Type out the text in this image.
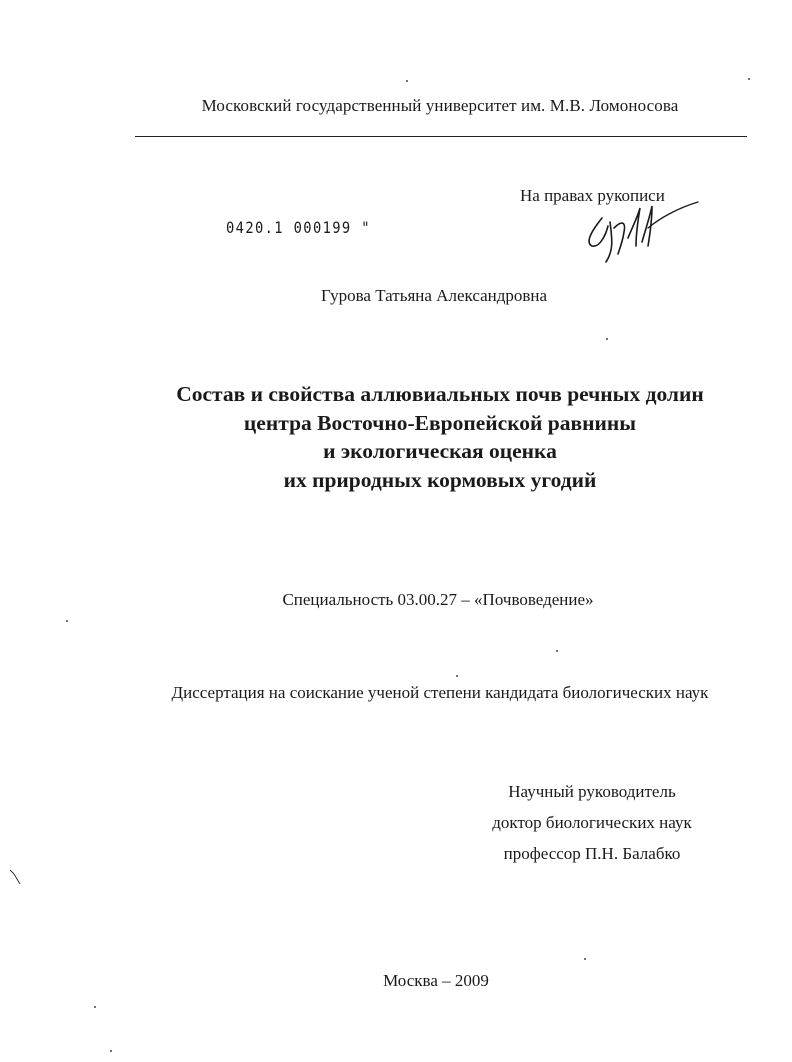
Московский государственный университет им. М.В. Ломоносова
На правах рукописи
0420.1 000199 "
Гурова Татьяна Александровна
Состав и свойства аллювиальных почв речных долин
центра Восточно-Европейской равнины
и экологическая оценка
их природных кормовых угодий
Специальность 03.00.27 – «Почвоведение»
Диссертация на соискание ученой степени кандидата биологических наук
Научный руководитель
доктор биологических наук
профессор П.Н. Балабко
Москва – 2009
